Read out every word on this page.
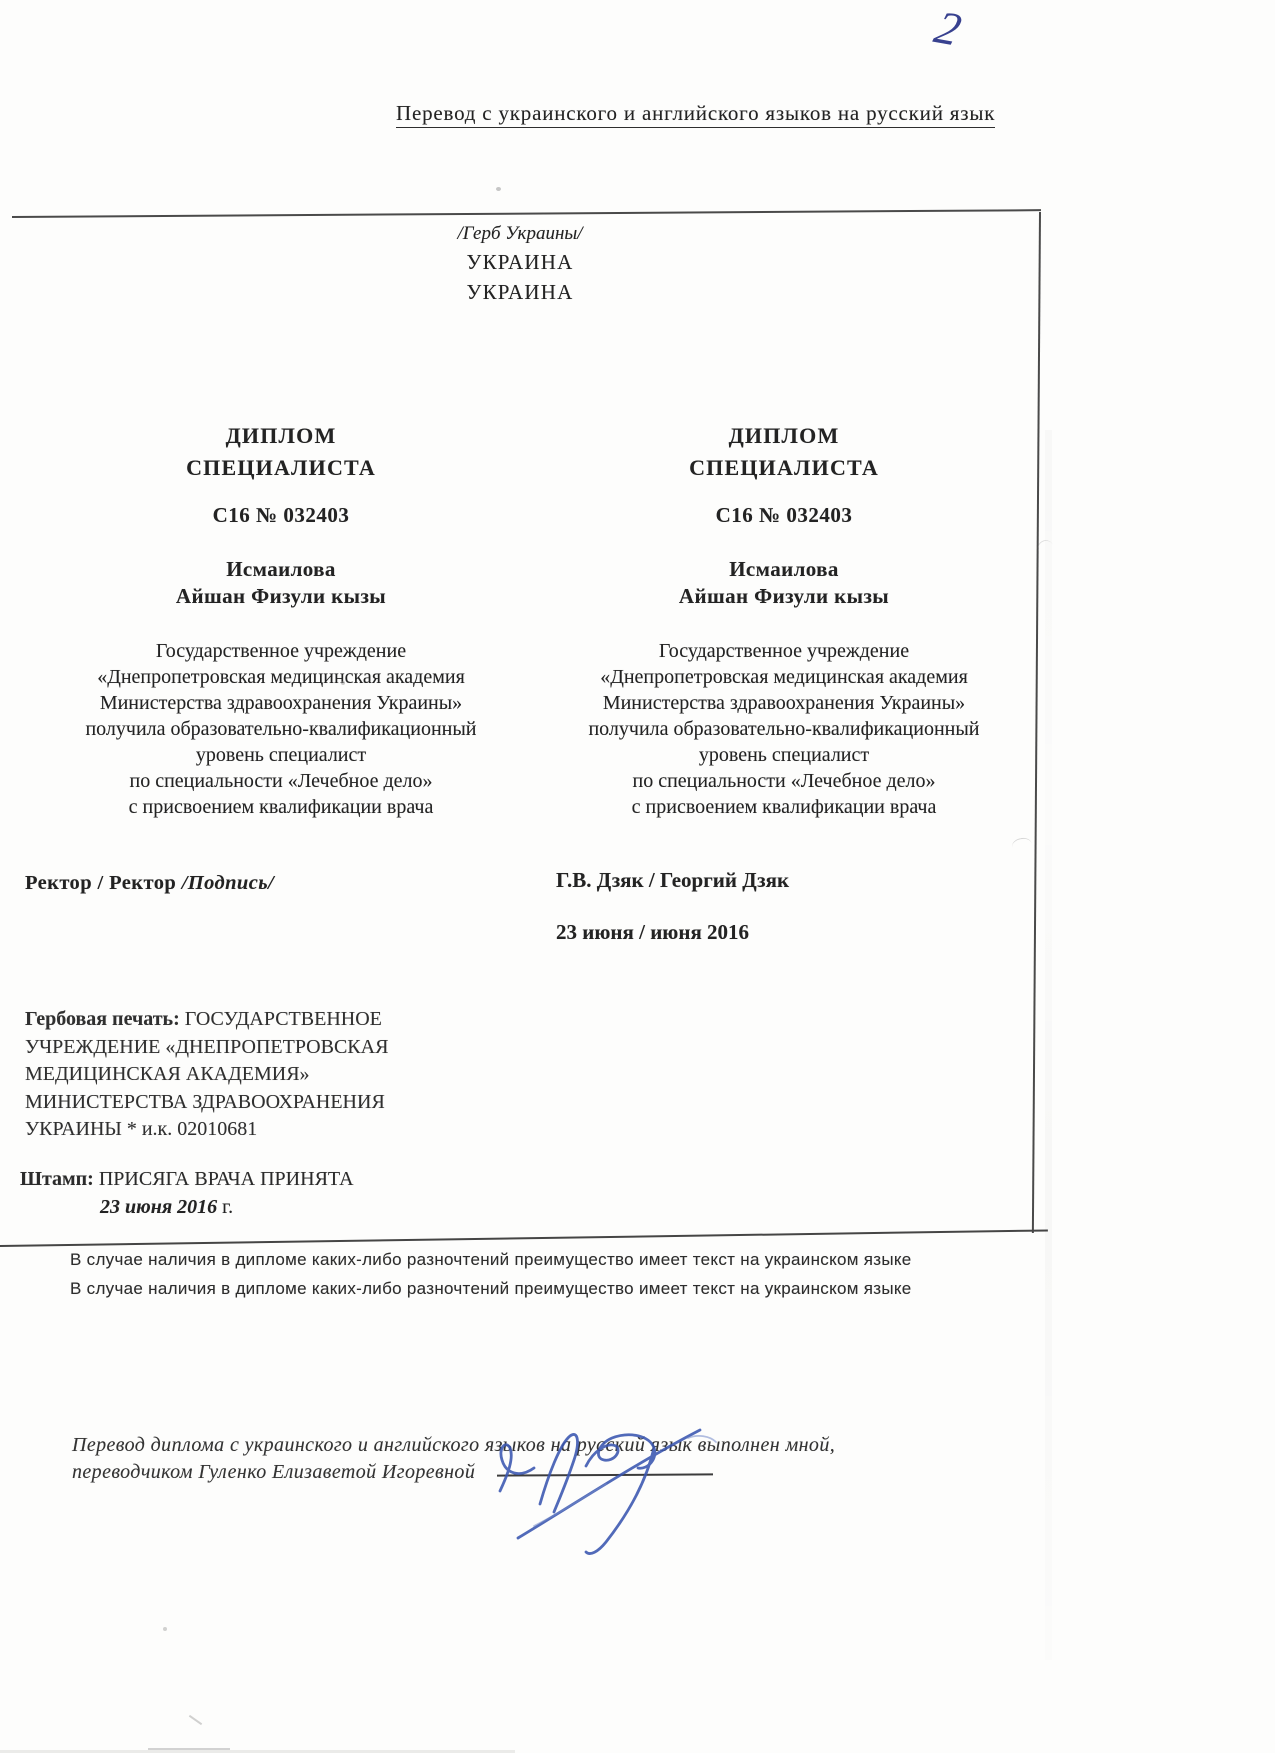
2
Перевод с украинского и английского языков на русский язык
/Герб Украины/
УКРАИНА
УКРАИНА
ДИПЛОМ
СПЕЦИАЛИСТА
С16 № 032403
Исмаилова
Айшан Физули кызы
Государственное учреждение
«Днепропетровская медицинская академия
Министерства здравоохранения Украины»
получила образовательно-квалификационный
уровень специалист
по специальности «Лечебное дело»
с присвоением квалификации врача
Ректор / Ректор /Подпись/
ДИПЛОМ
СПЕЦИАЛИСТА
С16 № 032403
Исмаилова
Айшан Физули кызы
Государственное учреждение
«Днепропетровская медицинская академия
Министерства здравоохранения Украины»
получила образовательно-квалификационный
уровень специалист
по специальности «Лечебное дело»
с присвоением квалификации врача
Г.В. Дзяк / Георгий Дзяк
23 июня / июня 2016
Гербовая печать: ГОСУДАРСТВЕННОЕ
УЧРЕЖДЕНИЕ «ДНЕПРОПЕТРОВСКАЯ
МЕДИЦИНСКАЯ АКАДЕМИЯ»
МИНИСТЕРСТВА ЗДРАВООХРАНЕНИЯ
УКРАИНЫ * и.к. 02010681
Штамп: ПРИСЯГА ВРАЧА ПРИНЯТА
23 июня 2016 г.
В случае наличия в дипломе каких-либо разночтений преимущество имеет текст на украинском языке
В случае наличия в дипломе каких-либо разночтений преимущество имеет текст на украинском языке
Перевод диплома с украинского и английского языков на русский язык выполнен мной,
переводчиком Гуленко Елизаветой Игоревной
